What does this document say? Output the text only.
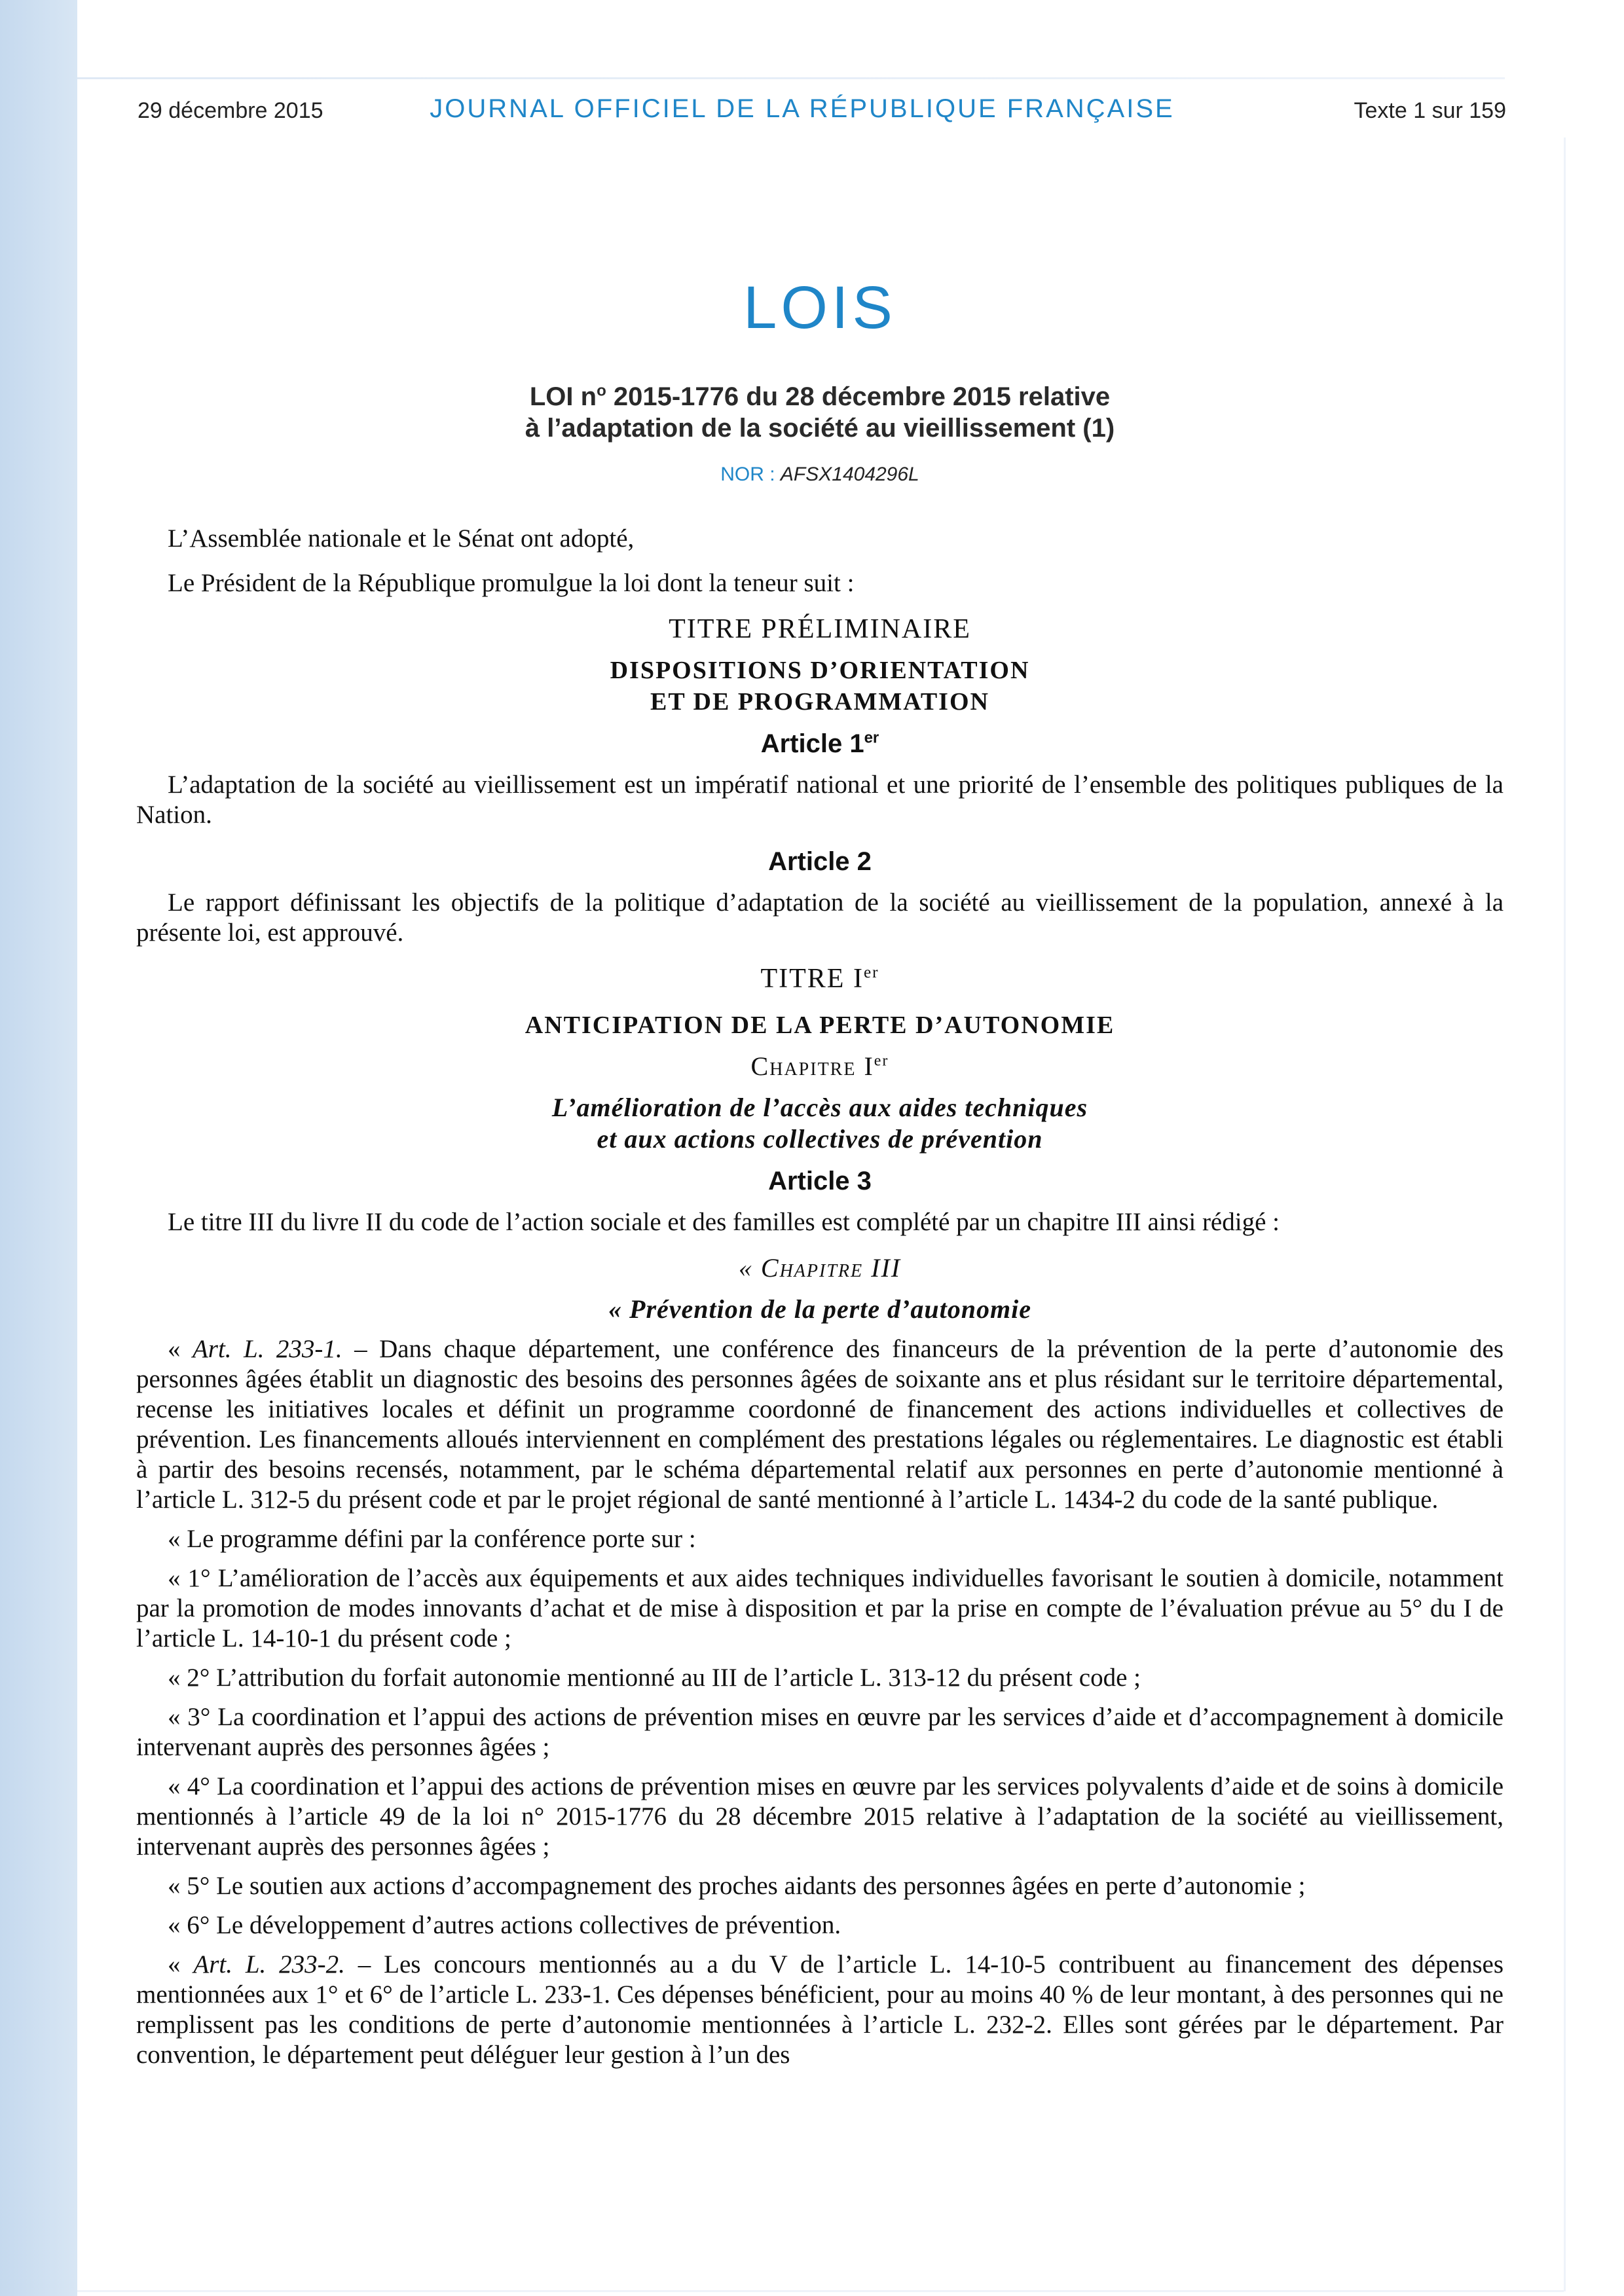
29 décembre 2015	JOURNAL OFFICIEL DE LA RÉPUBLIQUE FRANÇAISE	Texte 1 sur 159
LOIS
LOI $n^o$ 2015-1776 du 28 décembre 2015 relative
à l’adaptation de la société au vieillissement (1)
NOR : AFSX1404296L

L’Assemblée nationale et le Sénat ont adopté,

Le Président de la République promulgue la loi dont la teneur suit :

TITRE PRÉLIMINAIRE

DISPOSITIONS D’ORIENTATION

ET DE PROGRAMMATION

Article 1er

L’adaptation de la société au vieillissement est un impératif national et une priorité de l’ensemble des politiques publiques de la Nation.

Article 2

Le rapport définissant les objectifs de la politique d’adaptation de la société au vieillissement de la population, annexé à la présente loi, est approuvé.

TITRE Ier

ANTICIPATION DE LA PERTE D’AUTONOMIE

Chapitre Ier

L’amélioration de l’accès aux aides techniques

et aux actions collectives de prévention

Article 3

Le titre III du livre II du code de l’action sociale et des familles est complété par un chapitre III ainsi rédigé :

« Chapitre III

« Prévention de la perte d’autonomie

« Art. L. 233-1. – Dans chaque département, une conférence des financeurs de la prévention de la perte d’autonomie des personnes âgées établit un diagnostic des besoins des personnes âgées de soixante ans et plus résidant sur le territoire départemental, recense les initiatives locales et définit un programme coordonné de financement des actions individuelles et collectives de prévention. Les financements alloués interviennent en complément des prestations légales ou réglementaires. Le diagnostic est établi à partir des besoins recensés, notamment, par le schéma départemental relatif aux personnes en perte d’autonomie mentionné à l’article L. 312-5 du présent code et par le projet régional de santé mentionné à l’article L. 1434-2 du code de la santé publique.

« Le programme défini par la conférence porte sur :

« 1° L’amélioration de l’accès aux équipements et aux aides techniques individuelles favorisant le soutien à domicile, notamment par la promotion de modes innovants d’achat et de mise à disposition et par la prise en compte de l’évaluation prévue au 5° du I de l’article L. 14-10-1 du présent code ;

« 2° L’attribution du forfait autonomie mentionné au III de l’article L. 313-12 du présent code ;

« 3° La coordination et l’appui des actions de prévention mises en œuvre par les services d’aide et d’accompagnement à domicile intervenant auprès des personnes âgées ;

« 4° La coordination et l’appui des actions de prévention mises en œuvre par les services polyvalents d’aide et de soins à domicile mentionnés à l’article 49 de la loi n° 2015-1776 du 28 décembre 2015 relative à l’adaptation de la société au vieillissement, intervenant auprès des personnes âgées ;

« 5° Le soutien aux actions d’accompagnement des proches aidants des personnes âgées en perte d’autonomie ;

« 6° Le développement d’autres actions collectives de prévention.

« Art. L. 233-2. – Les concours mentionnés au a du V de l’article L. 14-10-5 contribuent au financement des dépenses mentionnées aux 1° et 6° de l’article L. 233-1. Ces dépenses bénéficient, pour au moins 40 % de leur montant, à des personnes qui ne remplissent pas les conditions de perte d’autonomie mentionnées à l’article L. 232-2. Elles sont gérées par le département. Par convention, le département peut déléguer leur gestion à l’un des
